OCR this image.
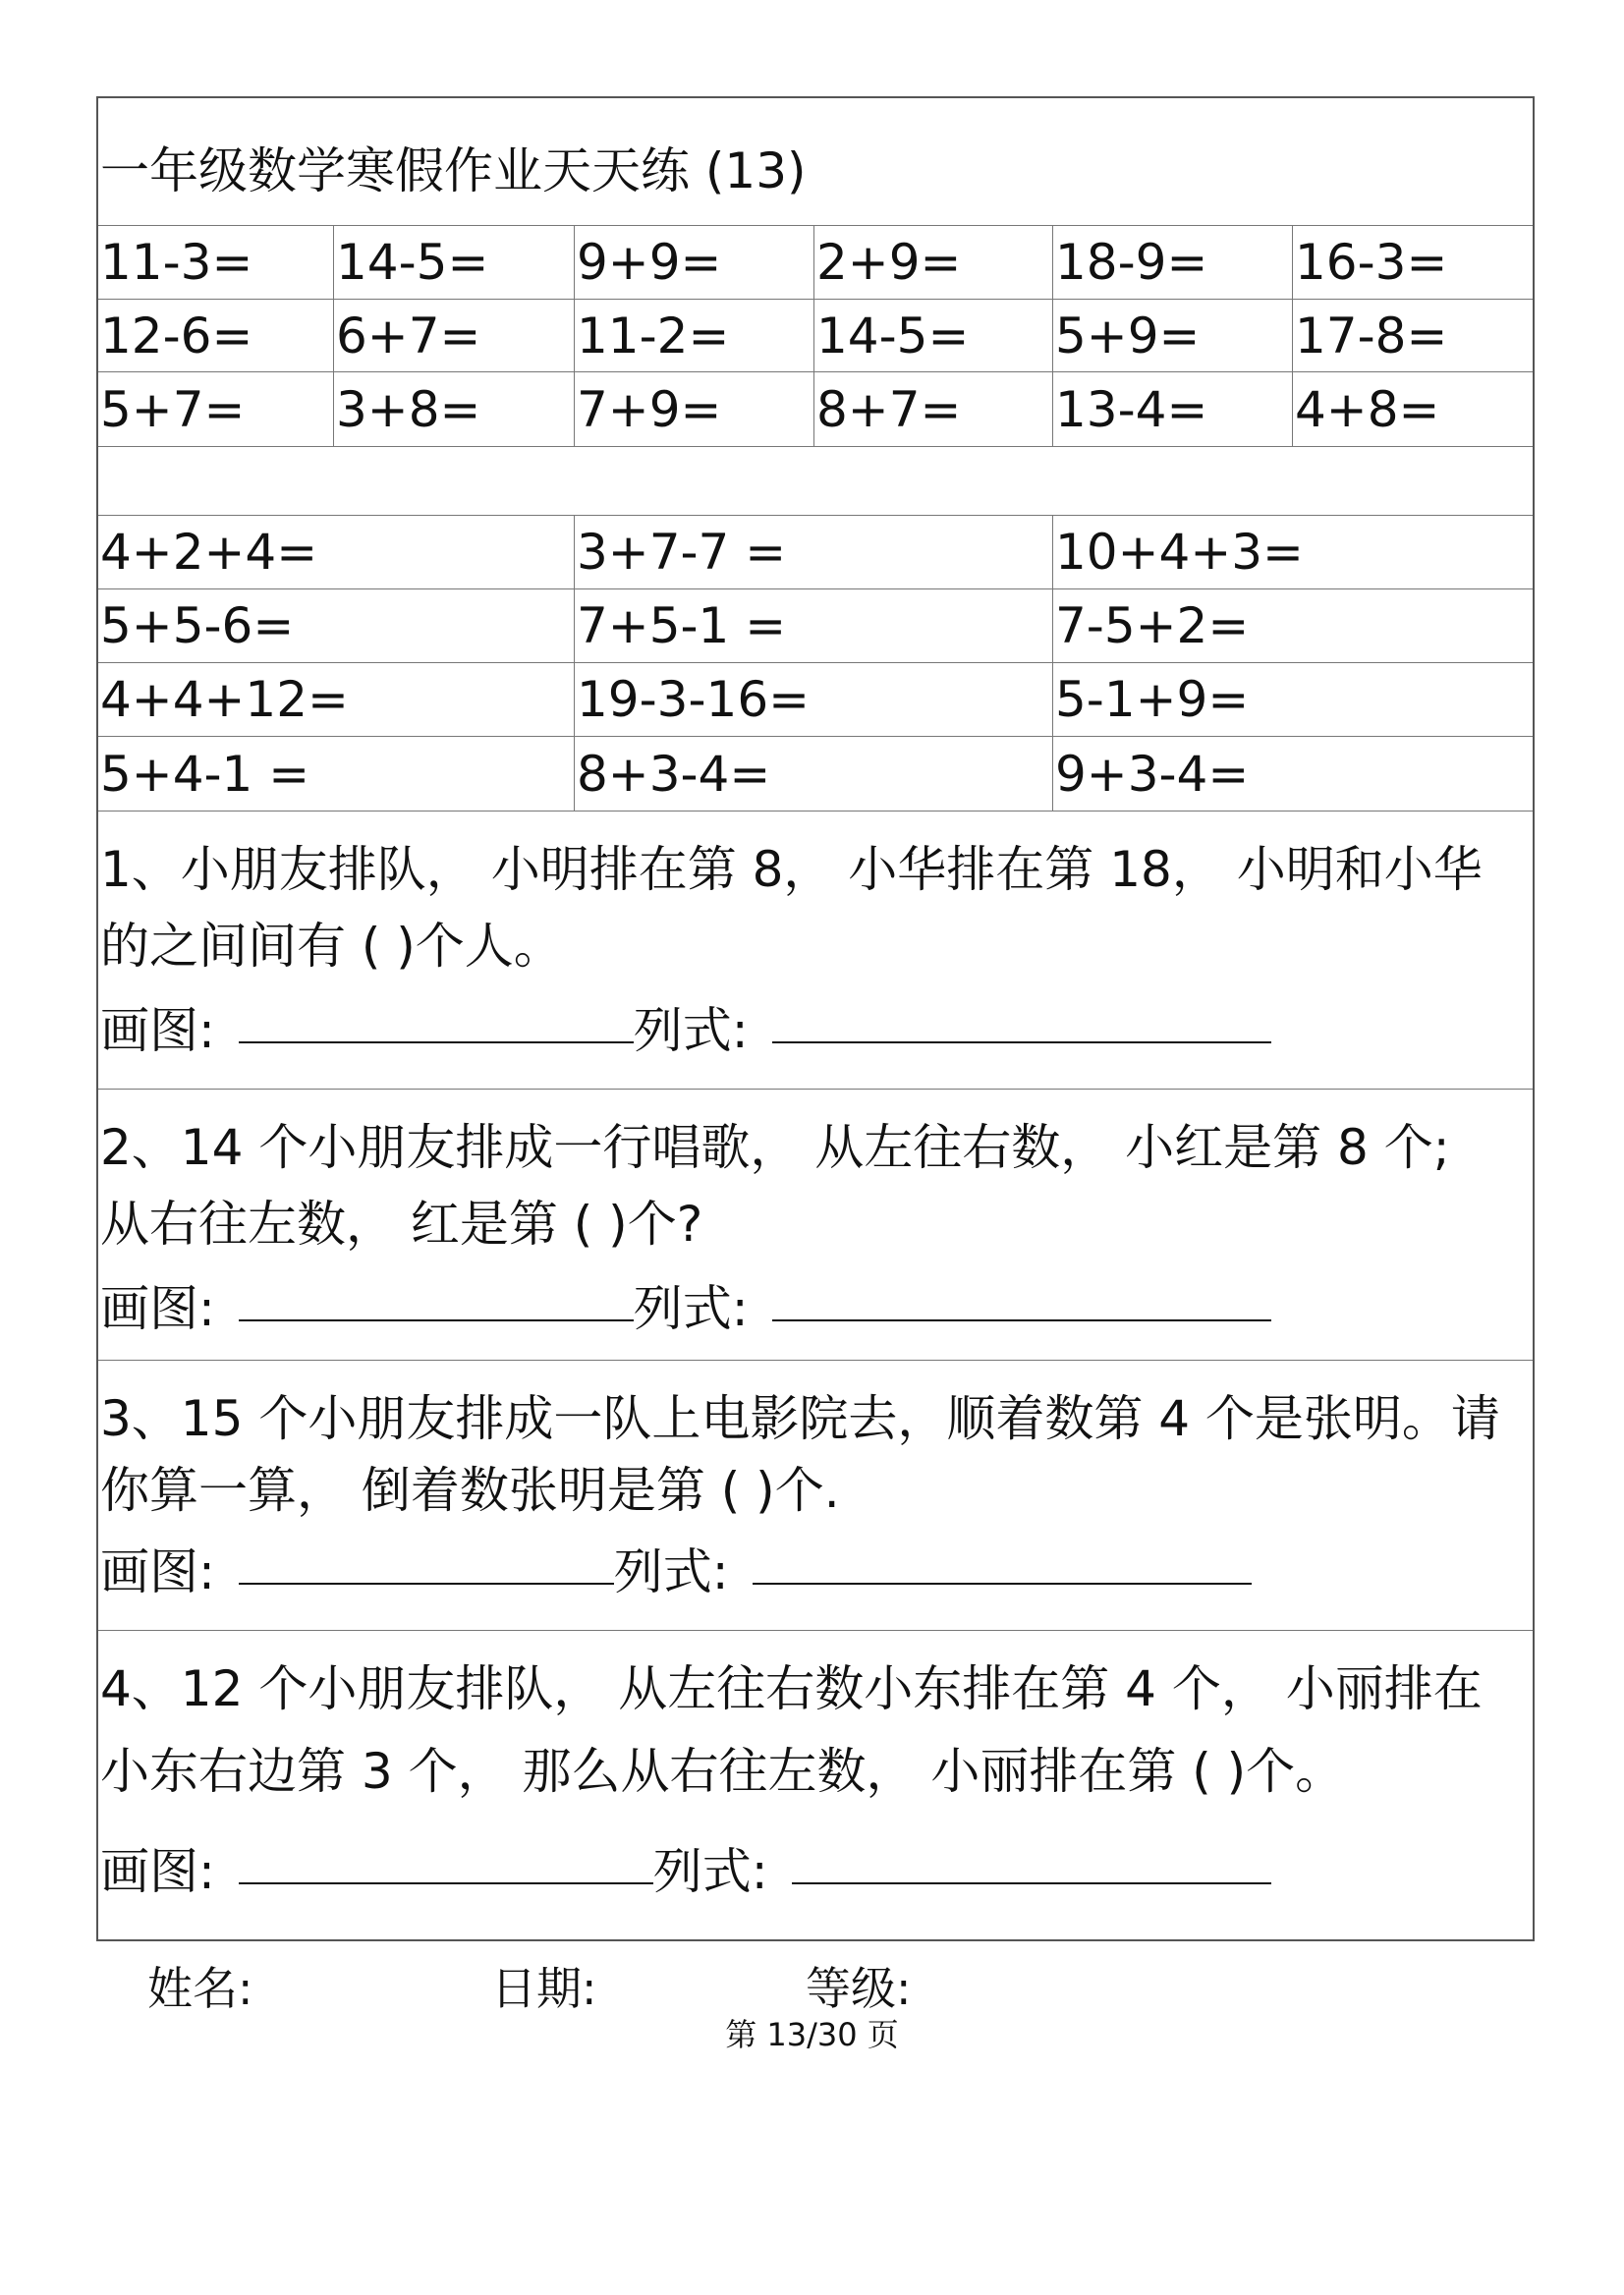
一年级数学寒假作业天天练 (13)
11-3=	14-5=	9+9=	2+9=	18-9=	16-3=
12-6=	6+7=	11-2=	14-5=	5+9=	17-8=
5+7=	3+8=	7+9=	8+7=	13-4=	4+8=
4+2+4=	3+7-7 =	10+4+3=
5+5-6=	7+5-1 =	7-5+2=
4+4+12=	19-3-16=	5-1+9=
5+4-1 =	8+3-4=	9+3-4=
1、小朋友排队， 小明排在第 8， 小华排在第 18， 小明和小华
的之间间有 ( )个人。
画图:	列式:
2、14 个小朋友排成一行唱歌， 从左往右数， 小红是第 8 个;
从右往左数， 红是第 ( )个?
画图:	列式:
3、15 个小朋友排成一队上电影院去，顺着数第 4 个是张明。请
你算一算， 倒着数张明是第 ( )个.
画图:	列式:
4、12 个小朋友排队， 从左往右数小东排在第 4 个， 小丽排在
小东右边第 3 个， 那么从右往左数， 小丽排在第 ( )个。
画图:	列式:
姓名:	日期:	等级:
第 13/30 页
